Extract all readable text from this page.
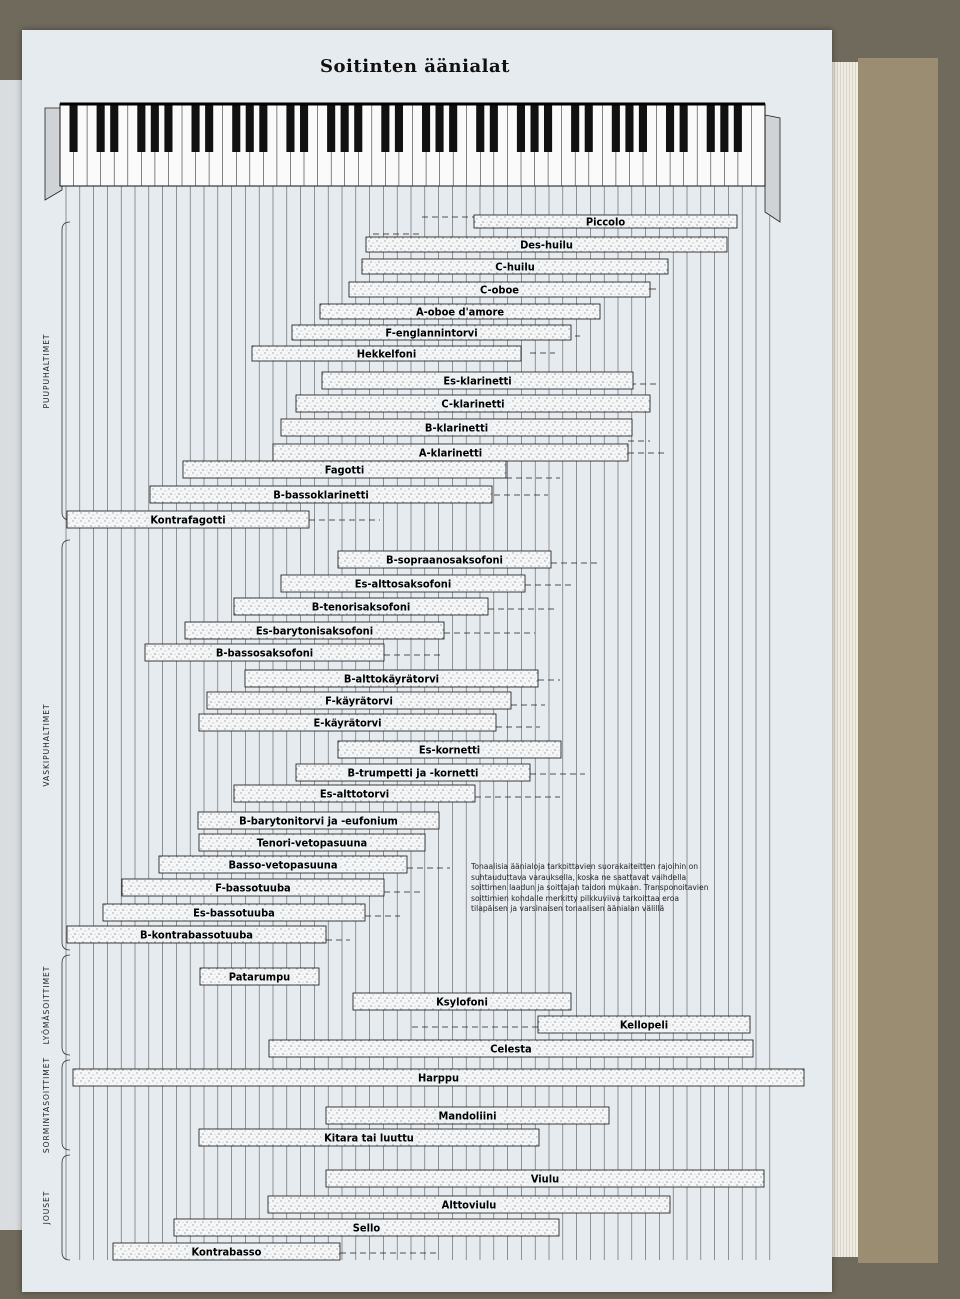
Soitinten äänialat
PUUPUHALTIMET
VASKIPUHALTIMET
LYÖMÄSOITTIMET
SORMINTASOITTIMET
JOUSET
Piccolo
Des-huilu
C-huilu
C-oboe
A-oboe d'amore
F-englannintorvi
Hekkelfoni
Es-klarinetti
C-klarinetti
B-klarinetti
A-klarinetti
Fagotti
B-bassoklarinetti
Kontrafagotti
B-sopraanosaksofoni
Es-alttosaksofoni
B-tenorisaksofoni
Es-barytonisaksofoni
B-bassosaksofoni
B-alttokäyrätorvi
F-käyrätorvi
E-käyrätorvi
Es-kornetti
B-trumpetti ja -kornetti
Es-alttotorvi
B-barytonitorvi ja -eufonium
Tenori-vetopasuuna
Basso-vetopasuuna
F-bassotuuba
Es-bassotuuba
B-kontrabassotuuba
Patarumpu
Ksylofoni
Kellopeli
Celesta
Harppu
Mandoliini
Kitara tai luuttu
Viulu
Alttoviulu
Sello
Kontrabasso
Tonaalisia äänialoja tarkoittavien suorakaiteitten rajoihin on suhtauduttava varauksella, koska ne saattavat vaihdella soittimen laadun ja soittajan taidon mukaan. Transponoitavien soittimien kohdalle merkitty pilkkuviiva tarkoittaa eroa tilapäisen ja varsinaisen tonaalisen äänialan välillä
